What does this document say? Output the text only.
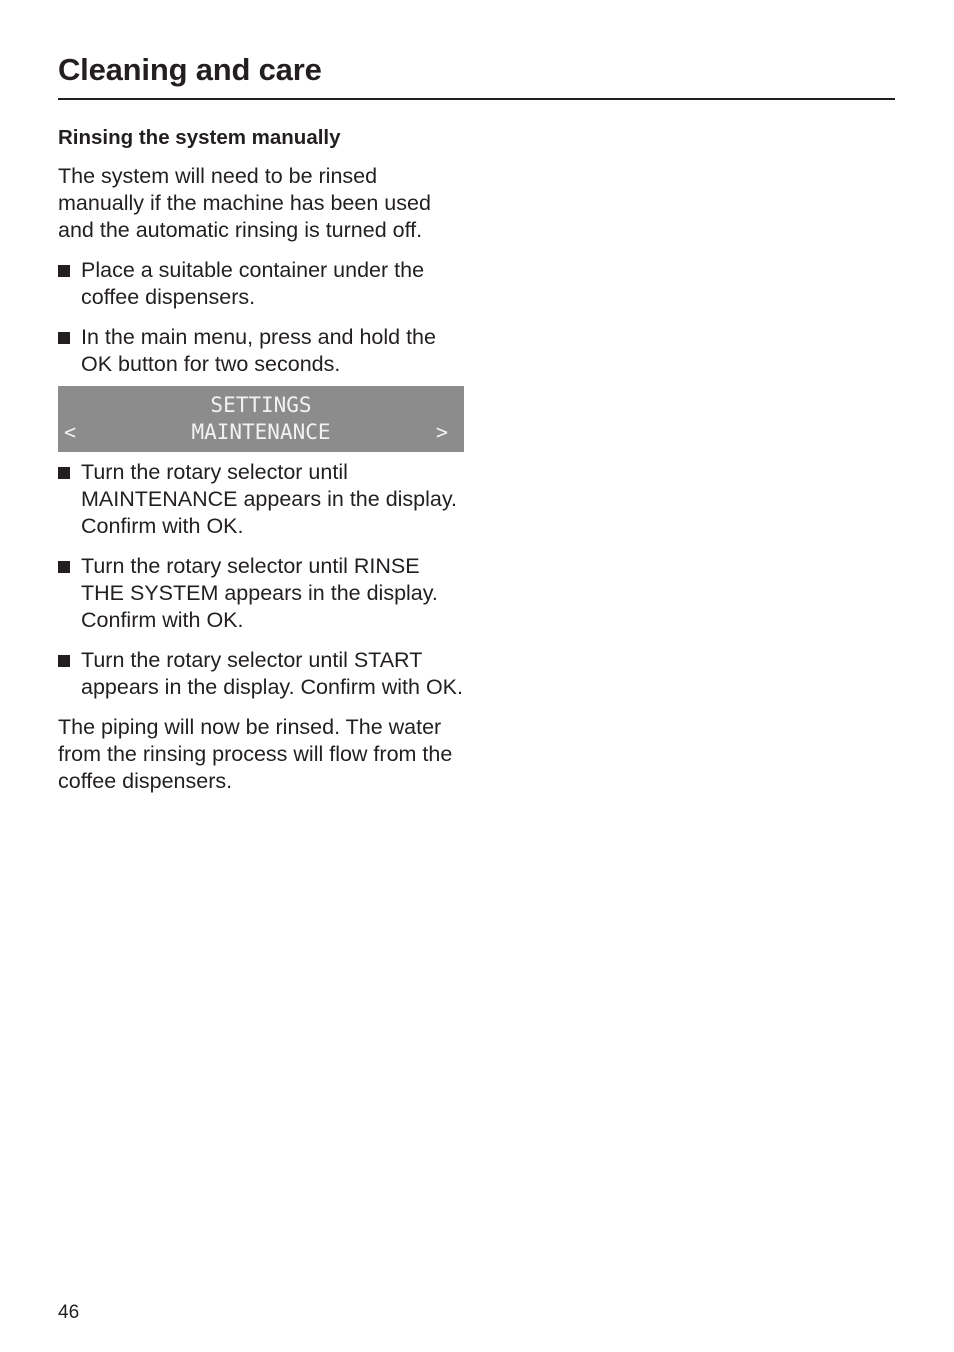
Cleaning and care
Rinsing the system manually

The system will need to be rinsed manually if the machine has been used and the automatic rinsing is turned off.

Place a suitable container under the coffee dispensers.
In the main menu, press and hold the OK button for two seconds.
SETTINGS
<	MAINTENANCE	>
Turn the rotary selector until MAINTENANCE appears in the display. Confirm with OK.
Turn the rotary selector until RINSE THE SYSTEM appears in the display. Confirm with OK.
Turn the rotary selector until START appears in the display. Confirm with OK.

The piping will now be rinsed. The water from the rinsing process will flow from the coffee dispensers.

46
